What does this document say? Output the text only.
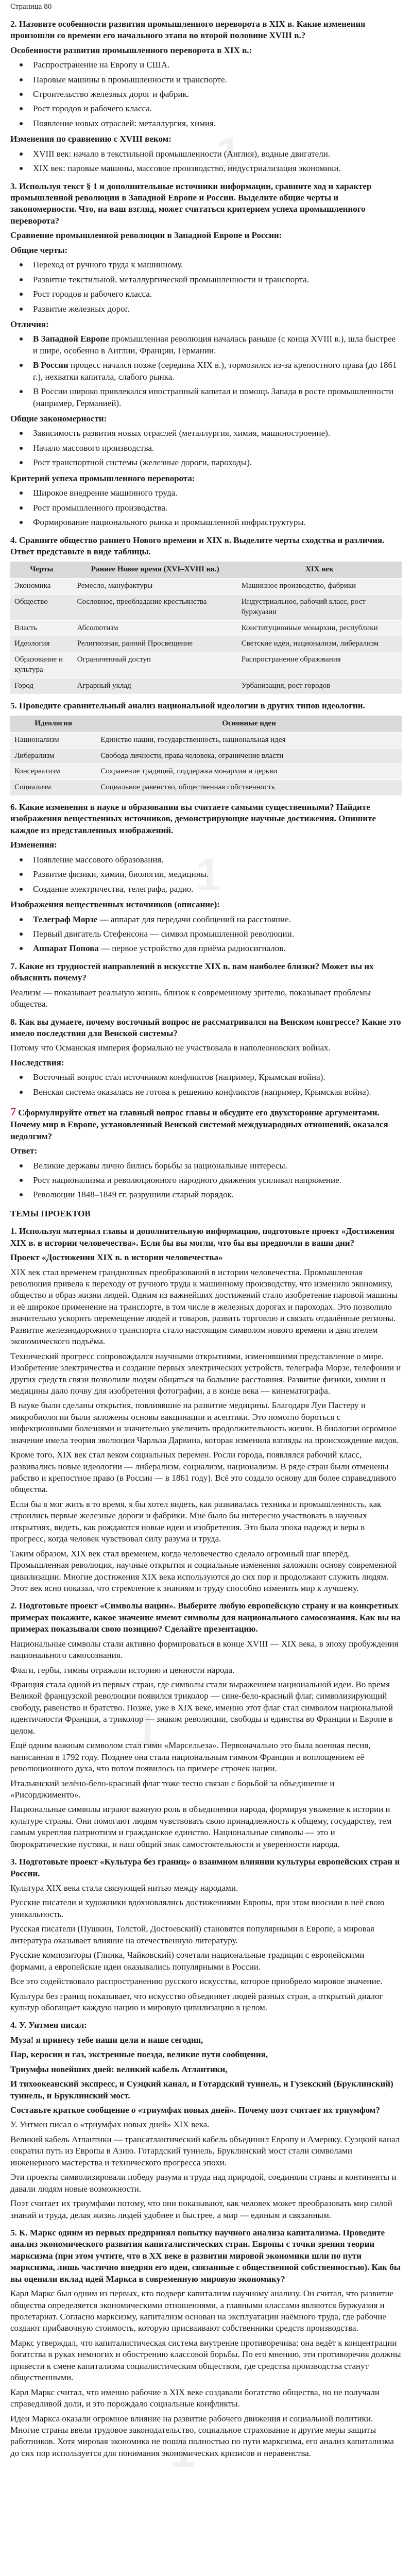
1
1
1
1
Страница 80
2. Назовите особенности развития промышленного переворота в XIX в. Какие изменения произошли со времени его начального этапа во второй половине XVIII в.?
Особенности развития промышленного переворота в XIX в.:
Распространение на Европу и США.
Паровые машины в промышленности и транспорте.
Строительство железных дорог и фабрик.
Рост городов и рабочего класса.
Появление новых отраслей: металлургия, химия.
Изменения по сравнению с XVIII веком:
XVIII век: начало в текстильной промышленности (Англия), водные двигатели.
XIX век: паровые машины, массовое производство, индустриализация экономики.
3. Используя текст § 1 и дополнительные источники информации, сравните ход и характер промышленной революции в Западной Европе и России. Выделите общие черты и закономерности. Что, на ваш взгляд, может считаться критерием успеха промышленного переворота?
Сравнение промышленной революции в Западной Европе и России:
Общие черты:
Переход от ручного труда к машинному.
Развитие текстильной, металлургической промышленности и транспорта.
Рост городов и рабочего класса.
Развитие железных дорог.
Отличия:
В Западной Европе промышленная революция началась раньше (с конца XVIII в.), шла быстрее и шире, особенно в Англии, Франции, Германии.
В России процесс начался позже (середина XIX в.), тормозился из-за крепостного права (до 1861 г.), нехватки капитала, слабого рынка.
В России широко привлекался иностранный капитал и помощь Запада в росте промышленности (например, Германией).
Общие закономерности:
Зависимость развития новых отраслей (металлургия, химия, машиностроение).
Начало массового производства.
Рост транспортной системы (железные дороги, пароходы).
Критерий успеха промышленного переворота:
Широкое внедрение машинного труда.
Рост промышленного производства.
Формирование национального рынка и промышленной инфраструктуры.
4. Сравните общество раннего Нового времени и XIX в. Выделите черты сходства и различия. Ответ представьте в виде таблицы.
Черты	Раннее Новое время (XVI–XVIII вв.)	XIX век
Экономика	Ремесло, мануфактуры	Машинное производство, фабрики
Общество	Сословное, преобладание крестьянства	Индустриальное, рабочий класс, рост буржуазии
Власть	Абсолютизм	Конституционные монархии, республики
Идеология	Религиозная, ранний Просвещение	Светские идеи, национализм, либерализм
Образование и культура	Ограниченный доступ	Распространение образования
Город	Аграрный уклад	Урбанизация, рост городов
5. Проведите сравнительный анализ национальной идеологии в других типов идеологии.
Идеология	Основные идеи
Национализм	Единство нации, государственность, национальная идея
Либерализм	Свобода личности, права человека, ограничение власти
Консерватизм	Сохранение традиций, поддержка монархии и церкви
Социализм	Социальное равенство, общественная собственность
6. Какие изменения в науке и образовании вы считаете самыми существенными? Найдите изображения вещественных источников, демонстрирующие научные достижения. Опишите каждое из представленных изображений.
Изменения:
Появление массового образования.
Развитие физики, химии, биологии, медицины.
Создание электричества, телеграфа, радио.
Изображения вещественных источников (описание):
Телеграф Морзе — аппарат для передачи сообщений на расстояние.
Первый двигатель Стефенсона — символ промышленной революции.
Аппарат Попова — первое устройство для приёма радиосигналов.
7. Какие из трудностей направлений в искусстве XIX в. вам наиболее близки? Может вы их объяснить почему?
Реализм — показывает реальную жизнь, близок к современному зрителю, показывает проблемы общества.
8. Как вы думаете, почему восточный вопрос не рассматривался на Венском конгрессе? Какие это имело последствия для Венской системы?
Потому что Османская империя формально не участвовала в наполеоновских войнах.
Последствия:
Восточный вопрос стал источником конфликтов (например, Крымская война).
Венская система оказалась не готова к решению конфликтов (например, Крымская война).
7 Сформулируйте ответ на главный вопрос главы и обсудите его двухсторонне аргументами. Почему мир в Европе, установленный Венской системой международных отношений, оказался недолгим?
Ответ:
Великие державы лично бились борьбы за национальные интересы.
Рост национализма и революционного народного движения усиливал напряжение.
Революции 1848–1849 гг. разрушили старый порядок.
ТЕМЫ ПРОЕКТОВ
1. Используя материал главы и дополнительную информацию, подготовьте проект «Достижения XIX в. в истории человечества». Если бы вы могли, что бы вы предпочли в ваши дни?
Проект «Достижения XIX в. в истории человечества»
XIX век стал временем грандиозных преобразований в истории человечества. Промышленная революция привела к переходу от ручного труда к машинному производству, что изменило экономику, общество и образ жизни людей. Одним из важнейших достижений стало изобретение паровой машины и её широкое применение на транспорте, в том числе в железных дорогах и пароходах. Это позволило значительно ускорить перемещение людей и товаров, развить торговлю и связать отдалённые регионы. Развитие железнодорожного транспорта стало настоящим символом нового времени и двигателем экономического подъёма.
Технический прогресс сопровождался научными открытиями, изменившими представление о мире. Изобретение электричества и создание первых электрических устройств, телеграфа Морзе, телефонии и других средств связи позволили людям общаться на большие расстояния. Развитие физики, химии и медицины дало почву для изобретения фотографии, а в конце века — кинематографа.
В науке были сделаны открытия, повлиявшие на развитие медицины. Благодаря Луи Пастеру и микробиологии были заложены основы вакцинации и асептики. Это помогло бороться с инфекционными болезнями и значительно увеличить продолжительность жизни. В биологии огромное значение имела теория эволюции Чарльза Дарвина, которая изменила взгляды на происхождение видов.
Кроме того, XIX век стал веком социальных перемен. Росли города, появлялся рабочий класс, развивались новые идеологии — либерализм, социализм, национализм. В ряде стран были отменены рабство и крепостное право (в России — в 1861 году). Всё это создало основу для более справедливого общества.
Если бы я мог жить в то время, я бы хотел видеть, как развивалась техника и промышленность, как строились первые железные дороги и фабрики. Мне было бы интересно участвовать в научных открытиях, видеть, как рождаются новые идеи и изобретения. Это была эпоха надежд и веры в прогресс, когда человек чувствовал силу разума и труда.
Таким образом, XIX век стал временем, когда человечество сделало огромный шаг вперёд. Промышленная революция, научные открытия и социальные изменения заложили основу современной цивилизации. Многие достижения XIX века используются до сих пор и продолжают служить людям. Этот век ясно показал, что стремление к знаниям и труду способно изменить мир к лучшему.
2. Подготовьте проект «Символы нации». Выберите любую европейскую страну и на конкретных примерах покажите, какое значение имеют символы для национального самосознания. Как вы на примерах показывали свою позицию? Сделайте презентацию.
Национальные символы стали активно формироваться в конце XVIII — XIX века, в эпоху пробуждения национального самосознания.
Флаги, гербы, гимны отражали историю и ценности народа.
Франция стала одной из первых стран, где символы стали выражением национальной идеи. Во время Великой французской революции появился триколор — сине-бело-красный флаг, символизирующий свободу, равенство и братство. Позже, уже в XIX веке, именно этот флаг стал символом национальной идентичности Франции, а триколор — знаком революции, свободы и единства во Франции и Европе в целом.
Ещё одним важным символом стал гимн «Марсельеза». Первоначально это была военная песня, написанная в 1792 году. Позднее она стала национальным гимном Франции и воплощением её революционного духа, что потом появилось на примере строчек нации.
Итальянский зелёно-бело-красный флаг тоже тесно связан с борьбой за объединение и «Рисорджименто».
Национальные символы играют важную роль в объединении народа, формируя уважение к истории и культуре страны. Они помогают людям чувствовать свою принадлежность к общему, государству, тем самым укрепляя патриотизм и гражданское единство. Национальные символы — это и бюрократические пустяки, и наш общий знак самостоятельности и уверенности народа.
3. Подготовьте проект «Культура без границ» о взаимном влиянии культуры европейских стран и России.
Культура XIX века стала связующей нитью между народами.
Русские писатели и художники вдохновлялись достижениями Европы, при этом вносили в неё свою уникальность.
Русская писатели (Пушкин, Толстой, Достоевский) становятся популярными в Европе, а мировая литература оказывает влияние на отечественную литературу.
Русские композиторы (Глинка, Чайковский) сочетали национальные традиции с европейскими формами, а европейские идеи оказывались популярными в России.
Все это содействовало распространению русского искусства, которое приобрело мировое значение.
Культура без границ показывает, что искусство объединяет людей разных стран, а открытый диалог культур обогащает каждую нацию и мировую цивилизацию в целом.
4. У. Уитмен писал:
Муза! я принесу тебе наши цели и наше сегодня,
Пар, керосин и газ, экстренные поезда, великие пути сообщения,
Триумфы новейших дней: великий кабель Атлантики,
И тихоокеанский экспресс, и Суэцкий канал, и Готардский туннель, и Гузекский (Бруклинский) туннель, и Бруклинский мост.
Составьте краткое сообщение о «триумфах новых дней». Почему поэт считает их триумфом?
У. Уитмен писал о «триумфах новых дней» XIX века.
Великий кабель Атлантики — трансатлантический кабель объединил Европу и Америку. Суэцкий канал сократил путь из Европы в Азию. Готардский туннель, Бруклинский мост стали символами инженерного мастерства и технического прогресса эпохи.
Эти проекты символизировали победу разума и труда над природой, соединяли страны и континенты и давали людям новые возможности.
Поэт считает их триумфами потому, что они показывают, как человек может преобразовать мир силой знаний и труда, делая жизнь людей удобнее и быстрее, а мир — единым и связанным.
5. К. Маркс одним из первых предпринял попытку научного анализа капитализма. Проведите анализ экономического развития капиталистических стран. Европы с точки зрения теории марксизма (при этом учтите, что в XX веке в развитии мировой экономики шли по пути марксизма, лишь частично внедряя его идеи, связанные с общественной собственностью). Как бы вы оценили вклад идей Маркса в современную мировую экономику?
Карл Маркс был одним из первых, кто подверг капитализм научному анализу. Он считал, что развитие общества определяется экономическими отношениями, а главными классами являются буржуазия и пролетариат. Согласно марксизму, капитализм основан на эксплуатации наёмного труда, где рабочие создают прибавочную стоимость, которую присваивают собственники средств производства.
Маркс утверждал, что капиталистическая система внутренне противоречива: она ведёт к концентрации богатства в руках немногих и обострению классовой борьбы. По его мнению, эти противоречия должны привести к смене капитализма социалистическим обществом, где средства производства станут общественными.
Карл Маркс считал, что именно рабочие в XIX веке создавали богатство общества, но не получали справедливой доли, и это порождало социальные конфликты.
Идеи Маркса оказали огромное влияние на развитие рабочего движения и социальной политики. Многие страны ввели трудовое законодательство, социальное страхование и другие меры защиты работников. Хотя мировая экономика не пошла полностью по пути марксизма, его анализ капитализма до сих пор используется для понимания экономических кризисов и неравенства.
